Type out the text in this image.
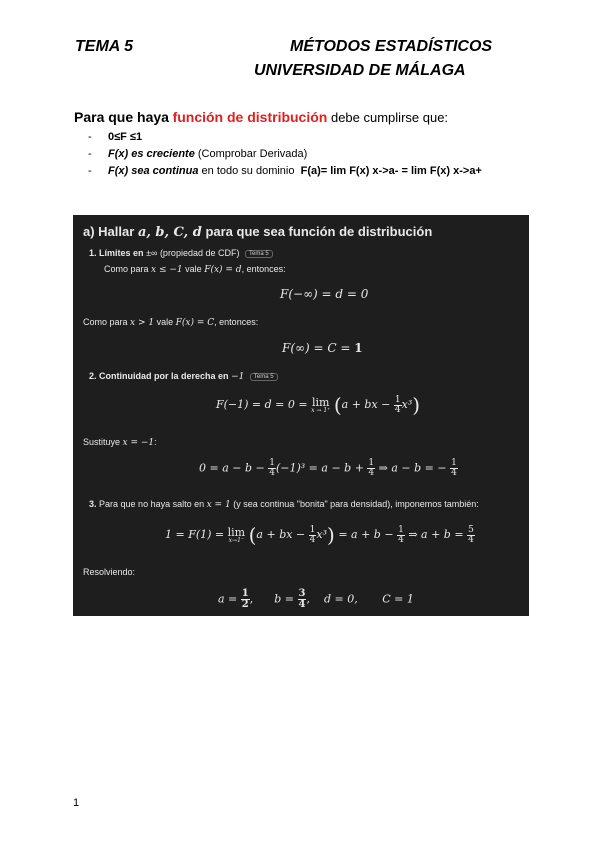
TEMA 5	MÉTODOS ESTADÍSTICOS
UNIVERSIDAD DE MÁLAGA
Para que haya función de distribución debe cumplirse que:
- 0≤F ≤1
- F(x) es creciente (Comprobar Derivada)
- F(x) sea continua en todo su dominio F(a)= lim F(x) x->a- = lim F(x) x->a+
a) Hallar a, b, C, d para que sea función de distribución
1. Límites en ±∞ (propiedad de CDF) Tema 5
Como para x ≤ −1 vale F(x) = d, entonces:
F(−∞) = d = 0
Como para x > 1 vale F(x) = C, entonces:
F(∞) = C = 1
2. Continuidad por la derecha en −1 Tema 5
F(−1) = d = 0 = lim
x → 1⁺ (a + bx − $\frac{1}{4} x^3$)
Sustituye x = −1:
$0 = a - b - \frac{1}{4} (-1)^3 = a - b + \frac{1}{4}$ ⇒ a − b = − $\frac{1}{4}$
3. Para que no haya salto en x = 1 (y sea continua "bonita" para densidad), imponemos también:
1 = F(1) = lim
x→1⁻ (a + bx − $\frac{1}{4} x^3) = a + b - \frac{1}{4}$ ⇒ $a + b = \frac{5}{4}$
Resolviendo:
$a = \frac{1}{2}$ ,      $b = \frac{3}{4}$ ,    d = 0, C = 1
1
